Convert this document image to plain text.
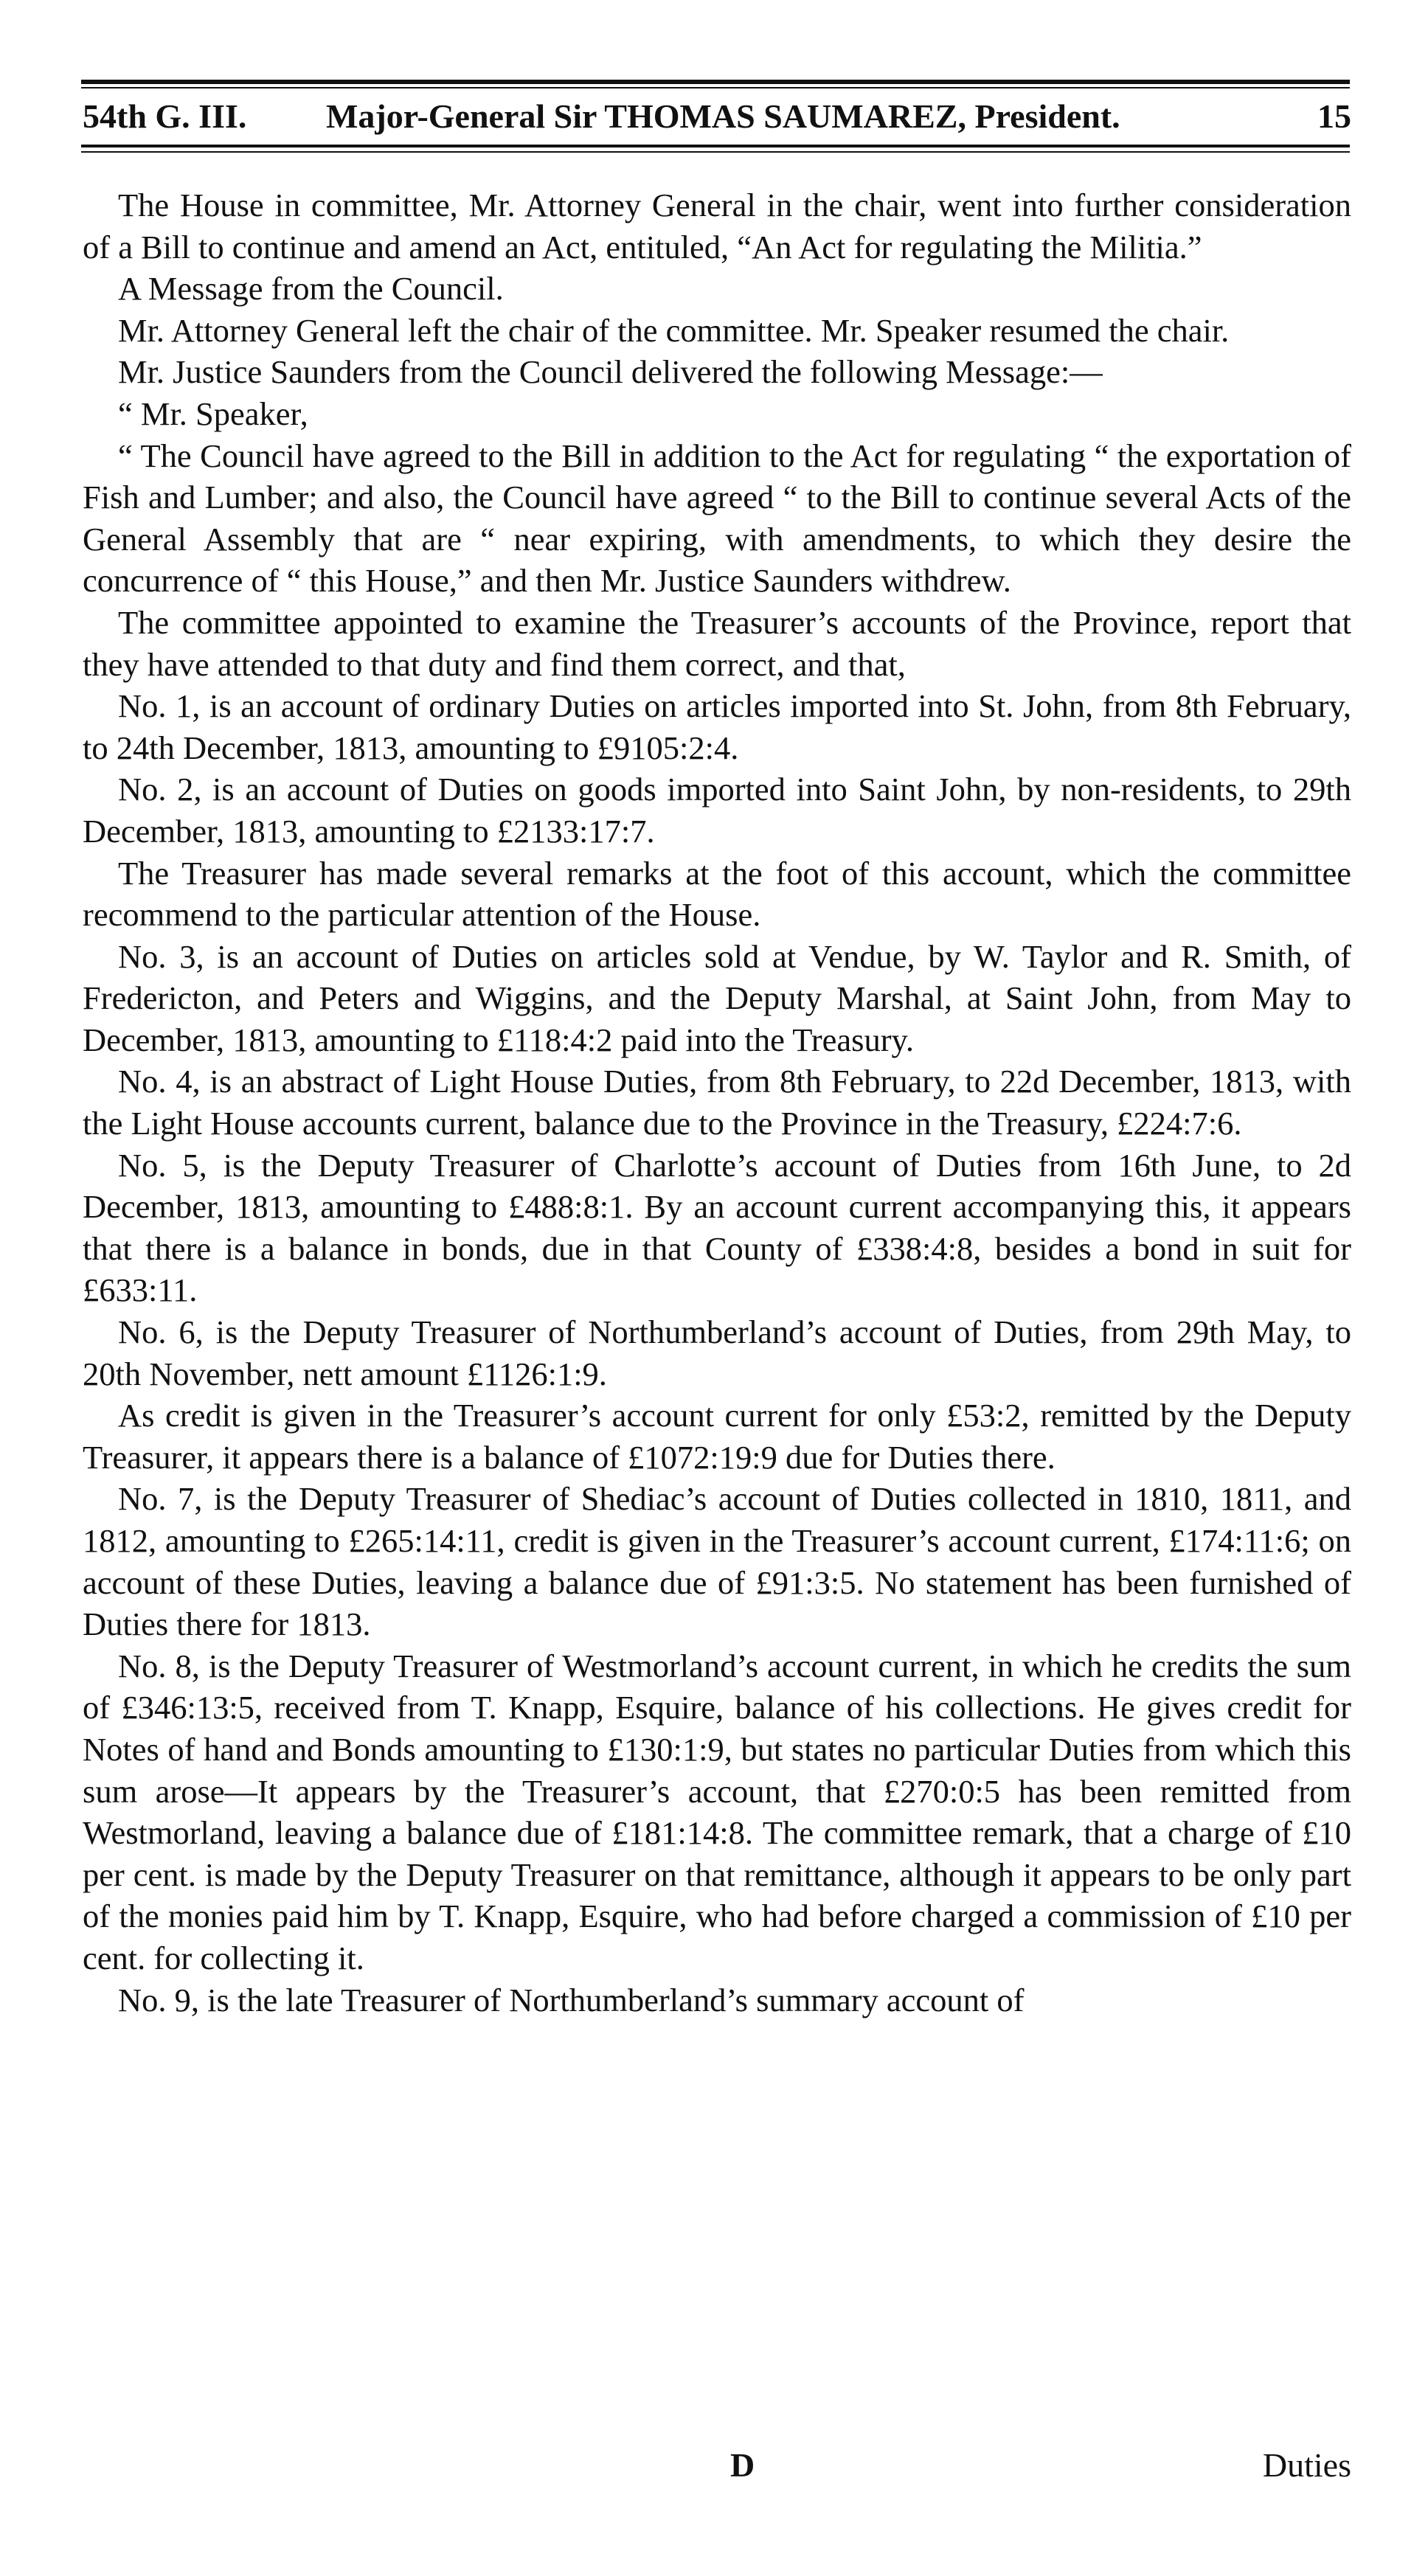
54th G. III. Major-General Sir THOMAS SAUMAREZ, President.	15

The House in committee, Mr. Attorney General in the chair, went into further consideration of a Bill to continue and amend an Act, entituled, “An Act for regulating the Militia.”

A Message from the Council.

Mr. Attorney General left the chair of the committee. Mr. Speaker resumed the chair.

Mr. Justice Saunders from the Council delivered the following Message:—

“ Mr. Speaker,

“ The Council have agreed to the Bill in addition to the Act for regulating “ the exportation of Fish and Lumber; and also, the Council have agreed “ to the Bill to continue several Acts of the General Assembly that are “ near expiring, with amendments, to which they desire the concurrence of “ this House,” and then Mr. Justice Saunders withdrew.

The committee appointed to examine the Treasurer’s accounts of the Province, report that they have attended to that duty and find them correct, and that,

No. 1, is an account of ordinary Duties on articles imported into St. John, from 8th February, to 24th December, 1813, amounting to £9105:2:4.

No. 2, is an account of Duties on goods imported into Saint John, by non-residents, to 29th December, 1813, amounting to £2133:17:7.

The Treasurer has made several remarks at the foot of this account, which the committee recommend to the particular attention of the House.

No. 3, is an account of Duties on articles sold at Vendue, by W. Taylor and R. Smith, of Fredericton, and Peters and Wiggins, and the Deputy Marshal, at Saint John, from May to December, 1813, amounting to £118:4:2 paid into the Treasury.

No. 4, is an abstract of Light House Duties, from 8th February, to 22d December, 1813, with the Light House accounts current, balance due to the Province in the Treasury, £224:7:6.

No. 5, is the Deputy Treasurer of Charlotte’s account of Duties from 16th June, to 2d December, 1813, amounting to £488:8:1. By an account current accompanying this, it appears that there is a balance in bonds, due in that County of £338:4:8, besides a bond in suit for £633:11.

No. 6, is the Deputy Treasurer of Northumberland’s account of Duties, from 29th May, to 20th November, nett amount £1126:1:9.

As credit is given in the Treasurer’s account current for only £53:2, remitted by the Deputy Treasurer, it appears there is a balance of £1072:19:9 due for Duties there.

No. 7, is the Deputy Treasurer of Shediac’s account of Duties collected in 1810, 1811, and 1812, amounting to £265:14:11, credit is given in the Treasurer’s account current, £174:11:6; on account of these Duties, leaving a balance due of £91:3:5. No statement has been furnished of Duties there for 1813.

No. 8, is the Deputy Treasurer of Westmorland’s account current, in which he credits the sum of £346:13:5, received from T. Knapp, Esquire, balance of his collections. He gives credit for Notes of hand and Bonds amounting to £130:1:9, but states no particular Duties from which this sum arose—It appears by the Treasurer’s account, that £270:0:5 has been remitted from Westmorland, leaving a balance due of £181:14:8. The committee remark, that a charge of £10 per cent. is made by the Deputy Treasurer on that remittance, although it appears to be only part of the monies paid him by T. Knapp, Esquire, who had before charged a commission of £10 per cent. for collecting it.

No. 9, is the late Treasurer of Northumberland’s summary account of

D	Duties
